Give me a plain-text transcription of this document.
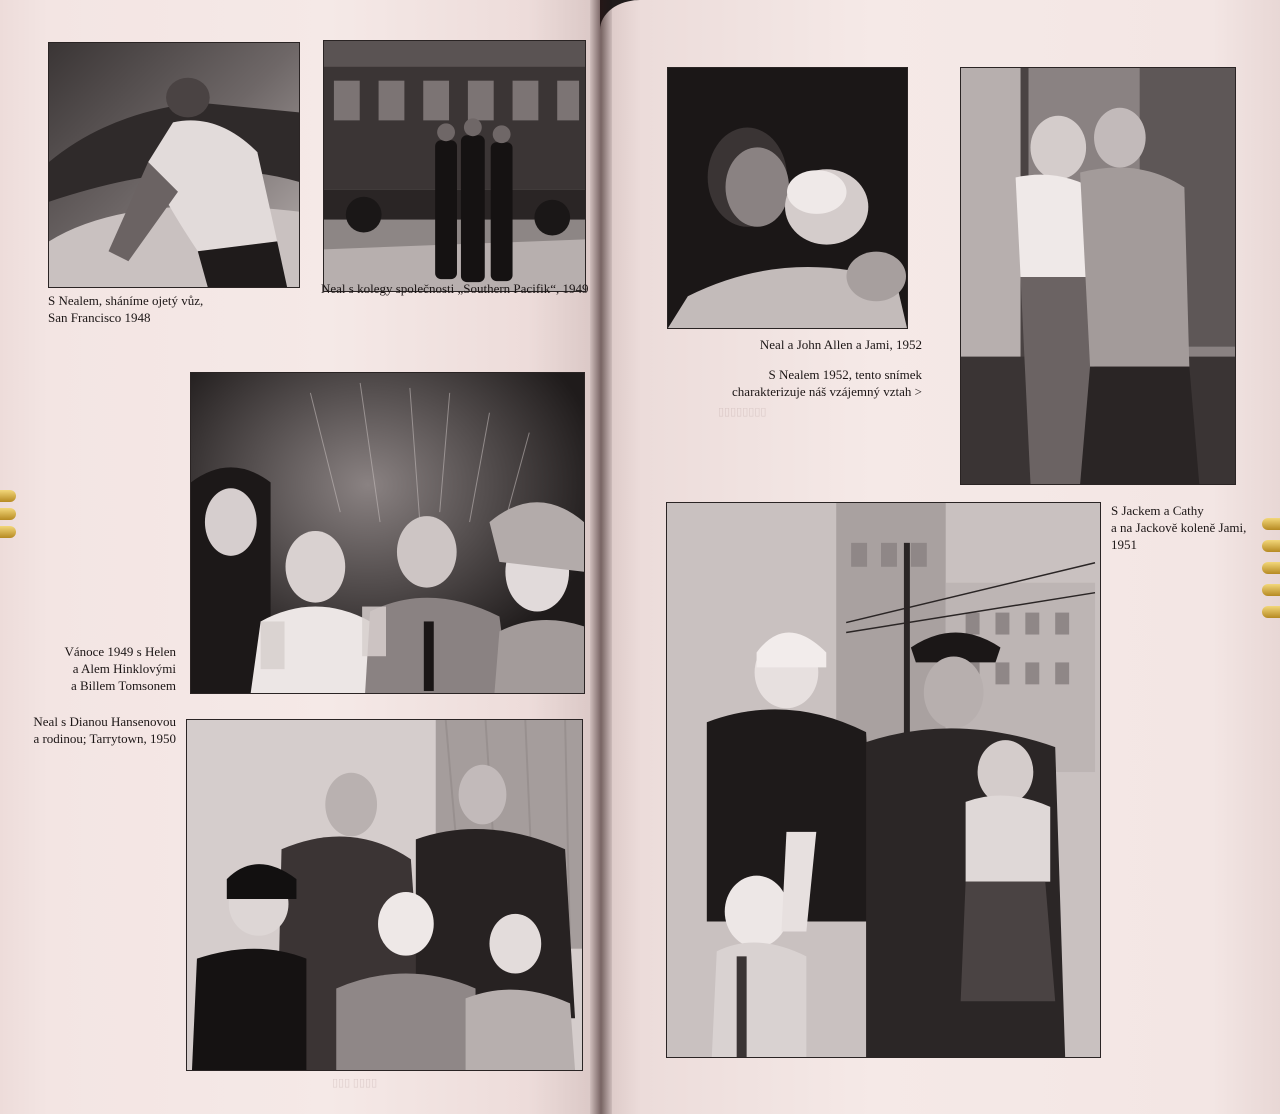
S Nealem, sháníme ojetý vůz,
San Francisco 1948
Neal s kolegy společnosti „Southern Pacifik“, 1949
Vánoce 1949 s Helen
a Alem Hinklovými
a Billem Tomsonem
Neal s Dianou Hansenovou
a rodinou; Tarrytown, 1950
▯▯▯ ▯▯▯▯
Neal a John Allen a Jami, 1952
S Nealem 1952, tento snímek
charakterizuje náš vzájemný vztah >
S Jackem a Cathy
a na Jackově koleně Jami,
1951
▯▯▯▯▯▯▯▯
